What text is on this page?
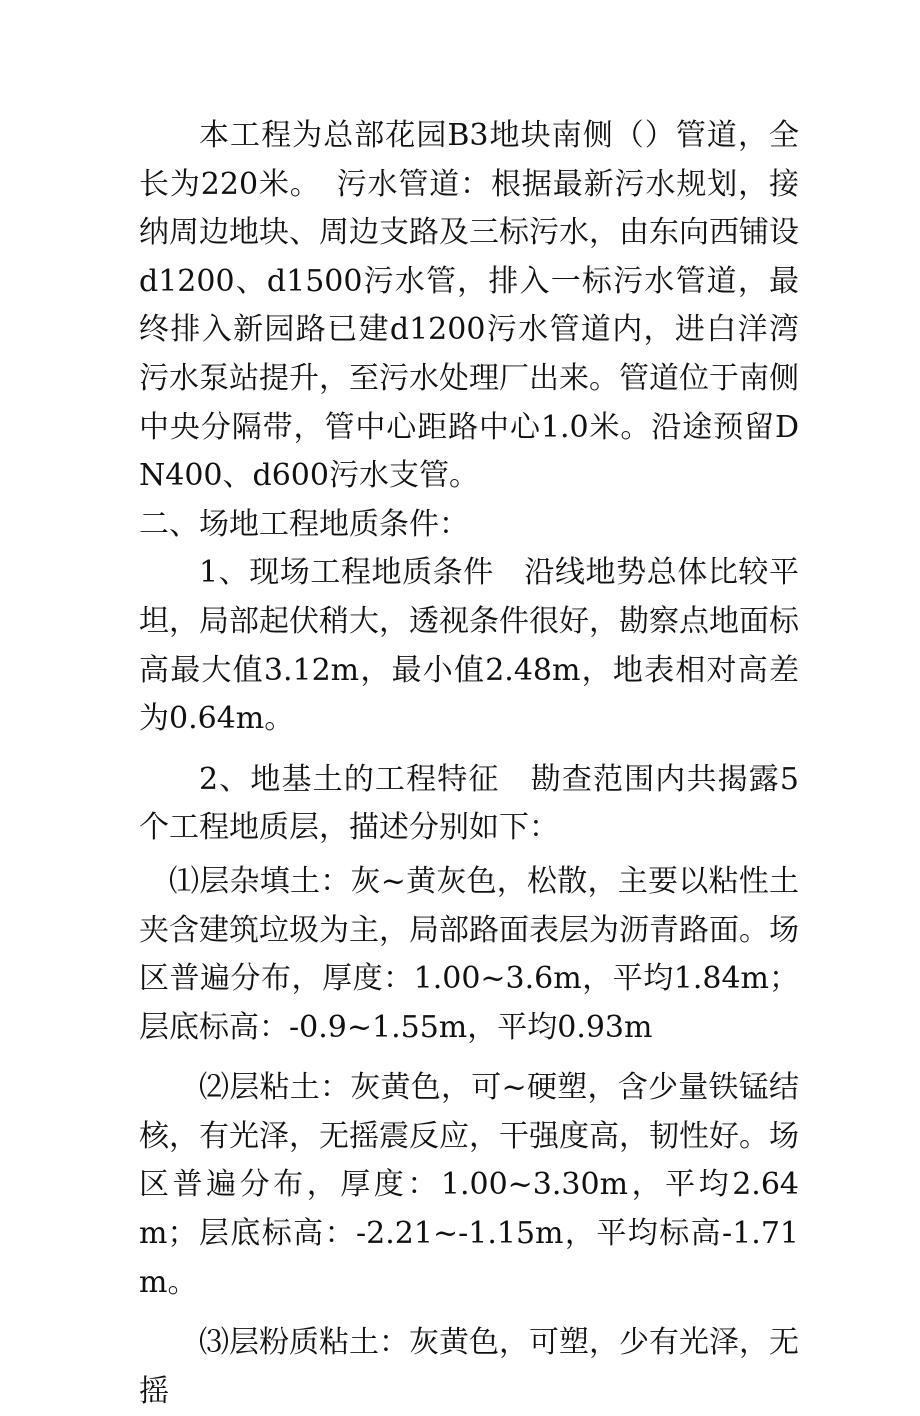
本工程为总部花园B3地块南侧（）管道，全长为220米。　污水管道：根据最新污水规划，接纳周边地块、周边支路及三标污水，由东向西铺设d1200、d1500污水管，排入一标污水管道，最终排入新园路已建d1200污水管道内，进白洋湾污水泵站提升，至污水处理厂出来。管道位于南侧中央分隔带，管中心距路中心1.0米。沿途预留DN400、d600污水支管。

二、场地工程地质条件：

1、现场工程地质条件　沿线地势总体比较平坦，局部起伏稍大，透视条件很好，勘察点地面标高最大值3.12m，最小值2.48m，地表相对高差为0.64m。

2、地基土的工程特征　勘查范围内共揭露5个工程地质层，描述分别如下：

⑴层杂填土：灰~黄灰色，松散，主要以粘性土夹含建筑垃圾为主，局部路面表层为沥青路面。场区普遍分布，厚度：1.00~3.6m，平均1.84m；层底标高：-0.9~1.55m，平均0.93m

⑵层粘土：灰黄色，可~硬塑，含少量铁锰结核，有光泽，无摇震反应，干强度高，韧性好。场区普遍分布，厚度：1.00~3.30m，平均2.64m；层底标高：-2.21~-1.15m，平均标高-1.71m。

⑶层粉质粘土：灰黄色，可塑，少有光泽，无摇
